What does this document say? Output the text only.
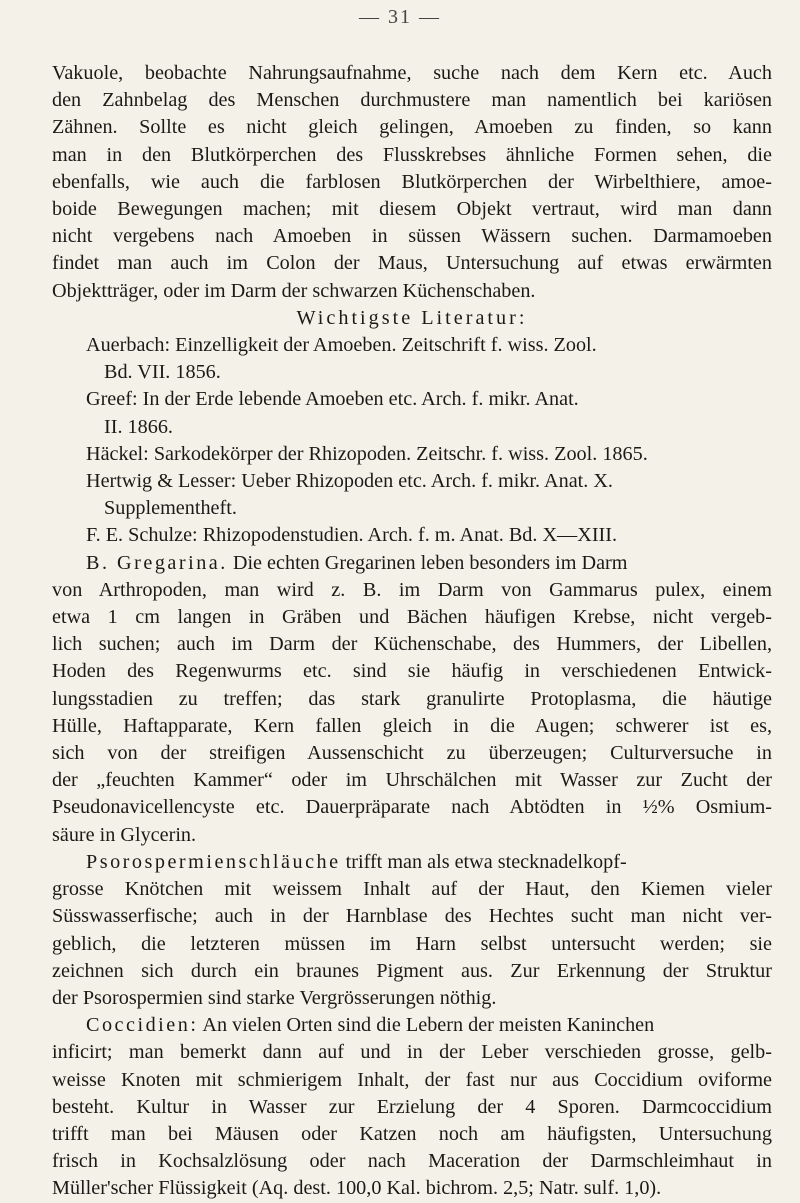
— 31 —
Vakuole, beobachte Nahrungsaufnahme, suche nach dem Kern etc. Auch
den Zahnbelag des Menschen durchmustere man namentlich bei kariösen
Zähnen. Sollte es nicht gleich gelingen, Amoeben zu finden, so kann
man in den Blutkörperchen des Flusskrebses ähnliche Formen sehen, die
ebenfalls, wie auch die farblosen Blutkörperchen der Wirbelthiere, amoe-
boide Bewegungen machen; mit diesem Objekt vertraut, wird man dann
nicht vergebens nach Amoeben in süssen Wässern suchen. Darmamoeben
findet man auch im Colon der Maus, Untersuchung auf etwas erwärmten
Objektträger, oder im Darm der schwarzen Küchenschaben.
Wichtigste Literatur:
Auerbach: Einzelligkeit der Amoeben. Zeitschrift f. wiss. Zool.
Bd. VII. 1856.
Greef: In der Erde lebende Amoeben etc. Arch. f. mikr. Anat.
II. 1866.
Häckel: Sarkodekörper der Rhizopoden. Zeitschr. f. wiss. Zool. 1865.
Hertwig & Lesser: Ueber Rhizopoden etc. Arch. f. mikr. Anat. X.
Supplementheft.
F. E. Schulze: Rhizopodenstudien. Arch. f. m. Anat. Bd. X—XIII.
B. Gregarina. Die echten Gregarinen leben besonders im Darm
von Arthropoden, man wird z. B. im Darm von Gammarus pulex, einem
etwa 1 cm langen in Gräben und Bächen häufigen Krebse, nicht vergeb-
lich suchen; auch im Darm der Küchenschabe, des Hummers, der Libellen,
Hoden des Regenwurms etc. sind sie häufig in verschiedenen Entwick-
lungsstadien zu treffen; das stark granulirte Protoplasma, die häutige
Hülle, Haftapparate, Kern fallen gleich in die Augen; schwerer ist es,
sich von der streifigen Aussenschicht zu überzeugen; Culturversuche in
der „feuchten Kammer“ oder im Uhrschälchen mit Wasser zur Zucht der
Pseudonavicellencyste etc. Dauerpräparate nach Abtödten in ½% Osmium-
säure in Glycerin.
Psorospermienschläuche trifft man als etwa stecknadelkopf-
grosse Knötchen mit weissem Inhalt auf der Haut, den Kiemen vieler
Süsswasserfische; auch in der Harnblase des Hechtes sucht man nicht ver-
geblich, die letzteren müssen im Harn selbst untersucht werden; sie
zeichnen sich durch ein braunes Pigment aus. Zur Erkennung der Struktur
der Psorospermien sind starke Vergrösserungen nöthig.
Coccidien: An vielen Orten sind die Lebern der meisten Kaninchen
inficirt; man bemerkt dann auf und in der Leber verschieden grosse, gelb-
weisse Knoten mit schmierigem Inhalt, der fast nur aus Coccidium oviforme
besteht. Kultur in Wasser zur Erzielung der 4 Sporen. Darmcoccidium
trifft man bei Mäusen oder Katzen noch am häufigsten, Untersuchung
frisch in Kochsalzlösung oder nach Maceration der Darmschleimhaut in
Müller'scher Flüssigkeit (Aq. dest. 100,0 Kal. bichrom. 2,5; Natr. sulf. 1,0).
